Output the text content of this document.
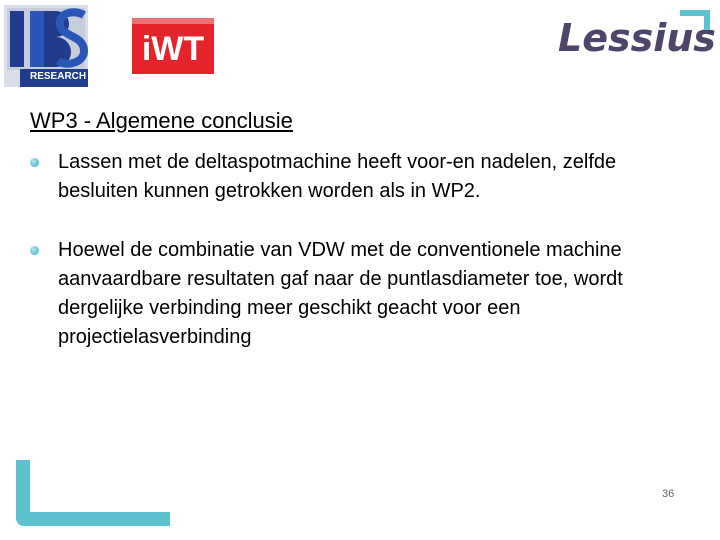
RESEARCH
iWT	Lessius
WP3 - Algemene conclusie
Lassen met de deltaspotmachine heeft voor-en nadelen, zelfde besluiten kunnen getrokken worden als in WP2.
Hoewel de combinatie van VDW met de conventionele machine aanvaardbare resultaten gaf naar de puntlasdiameter toe, wordt dergelijke verbinding meer geschikt geacht voor een projectielasverbinding
36
